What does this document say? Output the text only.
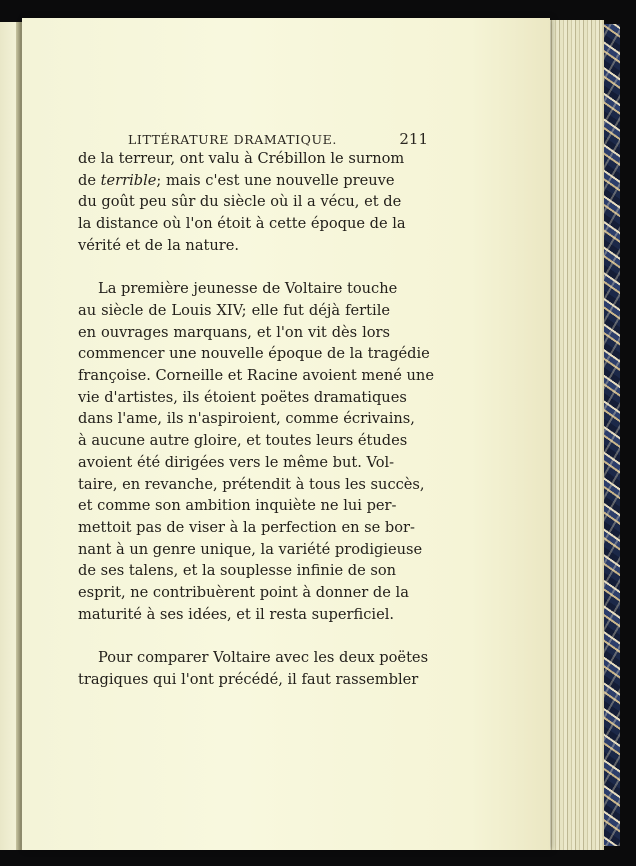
LITTÉRATURE DRAMATIQUE.	211
de la terreur, ont valu à Crébillon le surnom
de terrible; mais c'est une nouvelle preuve
du goût peu sûr du siècle où il a vécu, et de
la distance où l'on étoit à cette époque de la
vérité et de la nature.
La première jeunesse de Voltaire touche
au siècle de Louis XIV; elle fut déjà fertile
en ouvrages marquans, et l'on vit dès lors
commencer une nouvelle époque de la tragédie
françoise. Corneille et Racine avoient mené une
vie d'artistes, ils étoient poëtes dramatiques
dans l'ame, ils n'aspiroient, comme écrivains,
à aucune autre gloire, et toutes leurs études
avoient été dirigées vers le même but. Vol-
taire, en revanche, prétendit à tous les succès,
et comme son ambition inquiète ne lui per-
mettoit pas de viser à la perfection en se bor-
nant à un genre unique, la variété prodigieuse
de ses talens, et la souplesse infinie de son
esprit, ne contribuèrent point à donner de la
maturité à ses idées, et il resta superficiel.
Pour comparer Voltaire avec les deux poëtes
tragiques qui l'ont précédé, il faut rassembler
